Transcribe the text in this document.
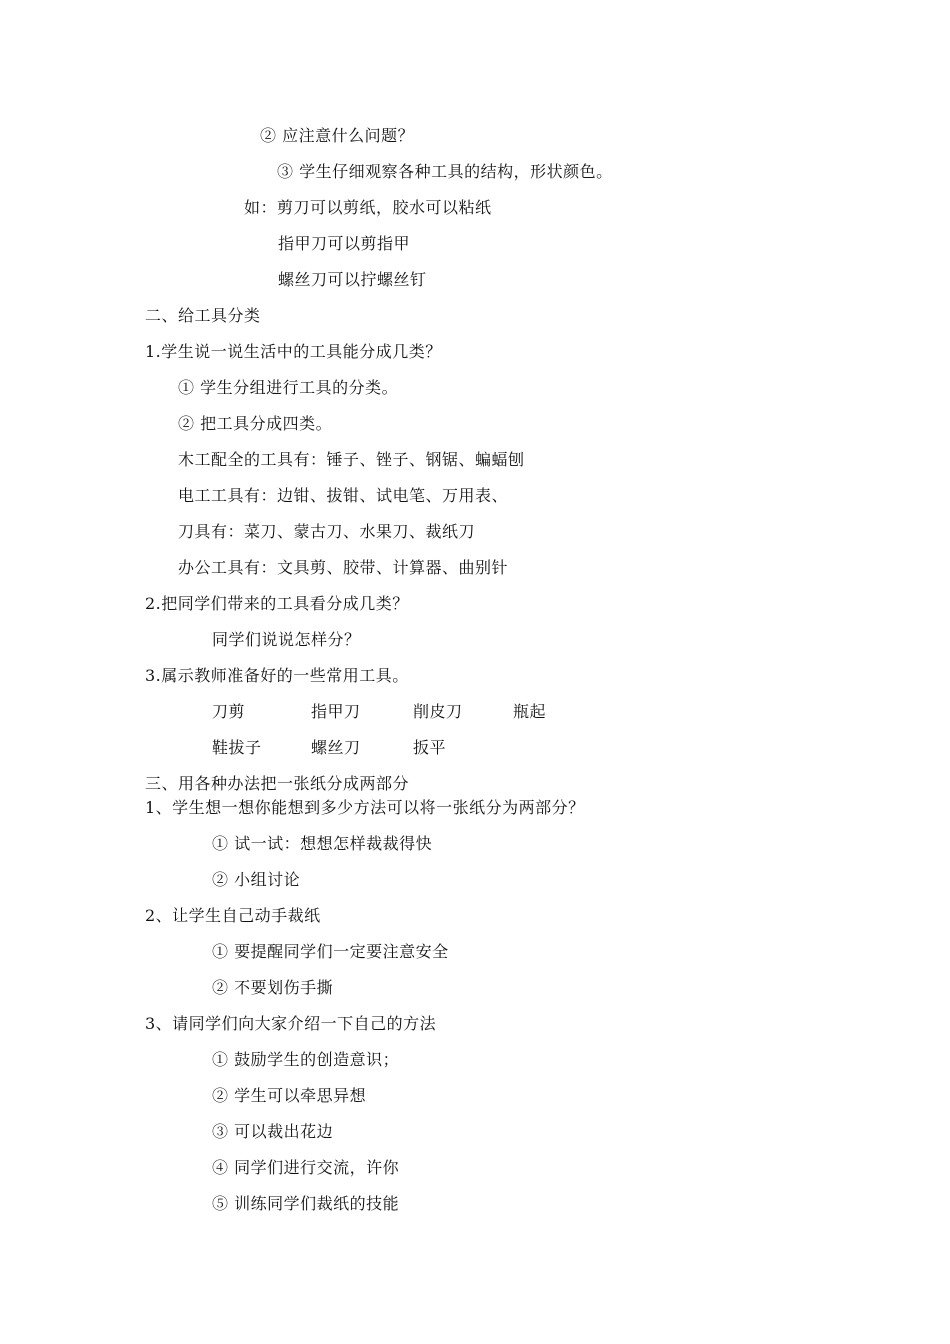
② 应注意什么问题？
③ 学生仔细观察各种工具的结构，形状颜色。
如：剪刀可以剪纸，胶水可以粘纸
指甲刀可以剪指甲
螺丝刀可以拧螺丝钉
二、给工具分类
1.学生说一说生活中的工具能分成几类？
① 学生分组进行工具的分类。
② 把工具分成四类。
木工配全的工具有：锤子、锉子、钢锯、蝙蝠刨
电工工具有：边钳、拔钳、试电笔、万用表、
刀具有：菜刀、蒙古刀、水果刀、裁纸刀
办公工具有：文具剪、胶带、计算器、曲别针
2.把同学们带来的工具看分成几类？
同学们说说怎样分？
3.属示教师准备好的一些常用工具。
刀剪	指甲刀	削皮刀	瓶起
鞋拔子	螺丝刀	扳平
三、用各种办法把一张纸分成两部分
1、学生想一想你能想到多少方法可以将一张纸分为两部分？
① 试一试：想想怎样裁裁得快
② 小组讨论
2、让学生自己动手裁纸
① 要提醒同学们一定要注意安全
② 不要划伤手撕
3、请同学们向大家介绍一下自己的方法
① 鼓励学生的创造意识；
② 学生可以牵思异想
③ 可以裁出花边
④ 同学们进行交流，许你
⑤ 训练同学们裁纸的技能
